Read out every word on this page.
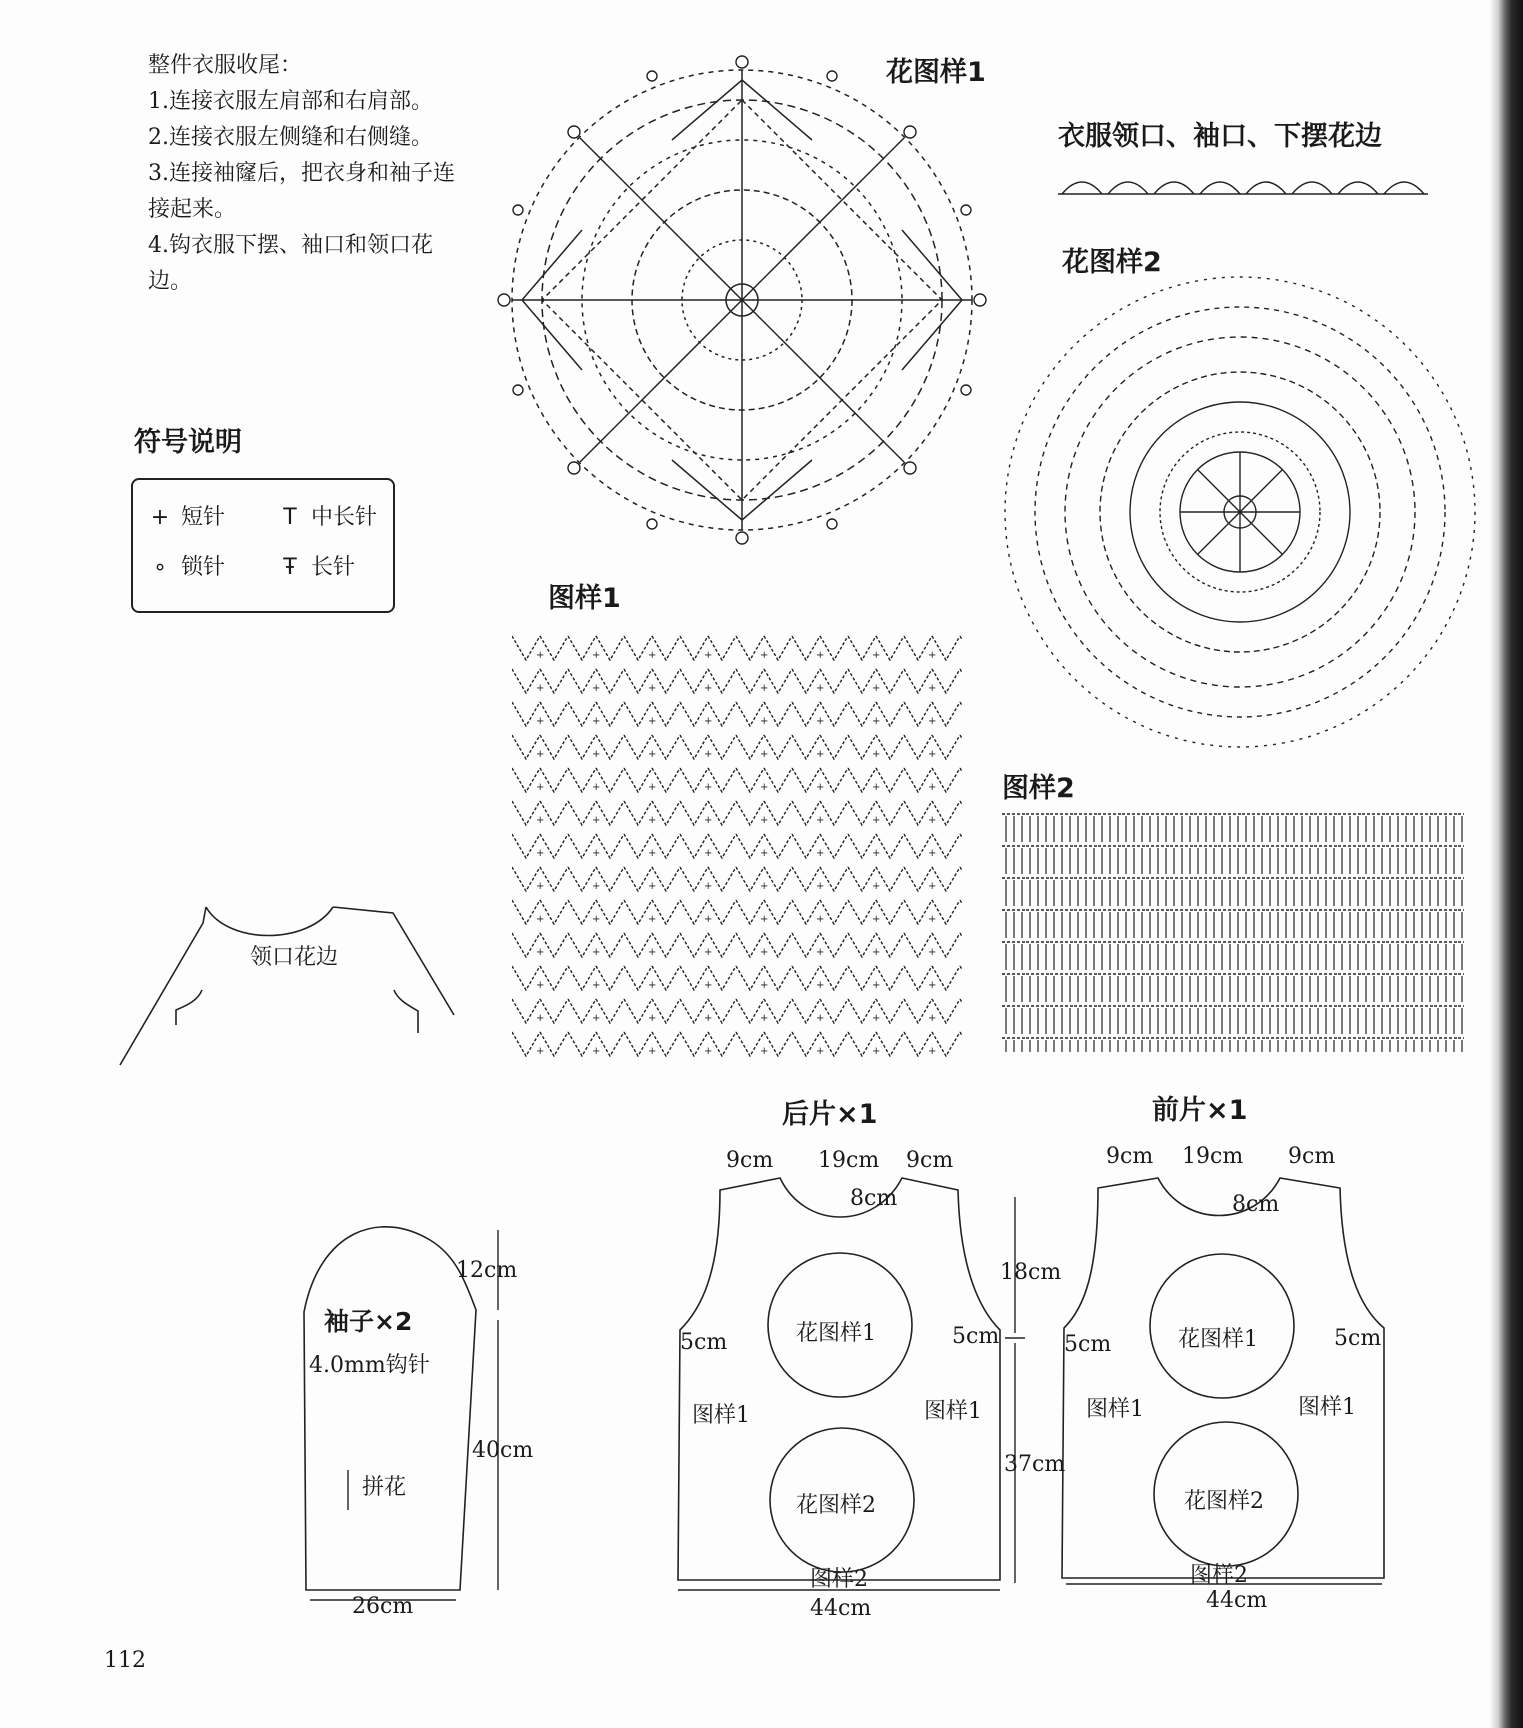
整件衣服收尾：

1.连接衣服左肩部和右肩部。

2.连接衣服左侧缝和右侧缝。

3.连接袖窿后，把衣身和袖子连接起来。

4.钩衣服下摆、袖口和领口花边。

符号说明
+ 短针	T 中长针
∘ 锁针	Ŧ 长针
花图样1
衣服领口、袖口、下摆花边
花图样2
图样1
图样2
后片×1	前片×1
领口花边
袖子×2
4.0mm钩针
拼花
12cm
40cm
26cm
9cm 19cm 9cm
8cm
5cm	5cm
花图样1
花图样2
图样1	图样1
图样2
44cm
18cm
37cm
9cm 19cm 9cm
8cm
5cm	5cm
花图样1
花图样2
图样1	图样1
图样2
44cm
112
